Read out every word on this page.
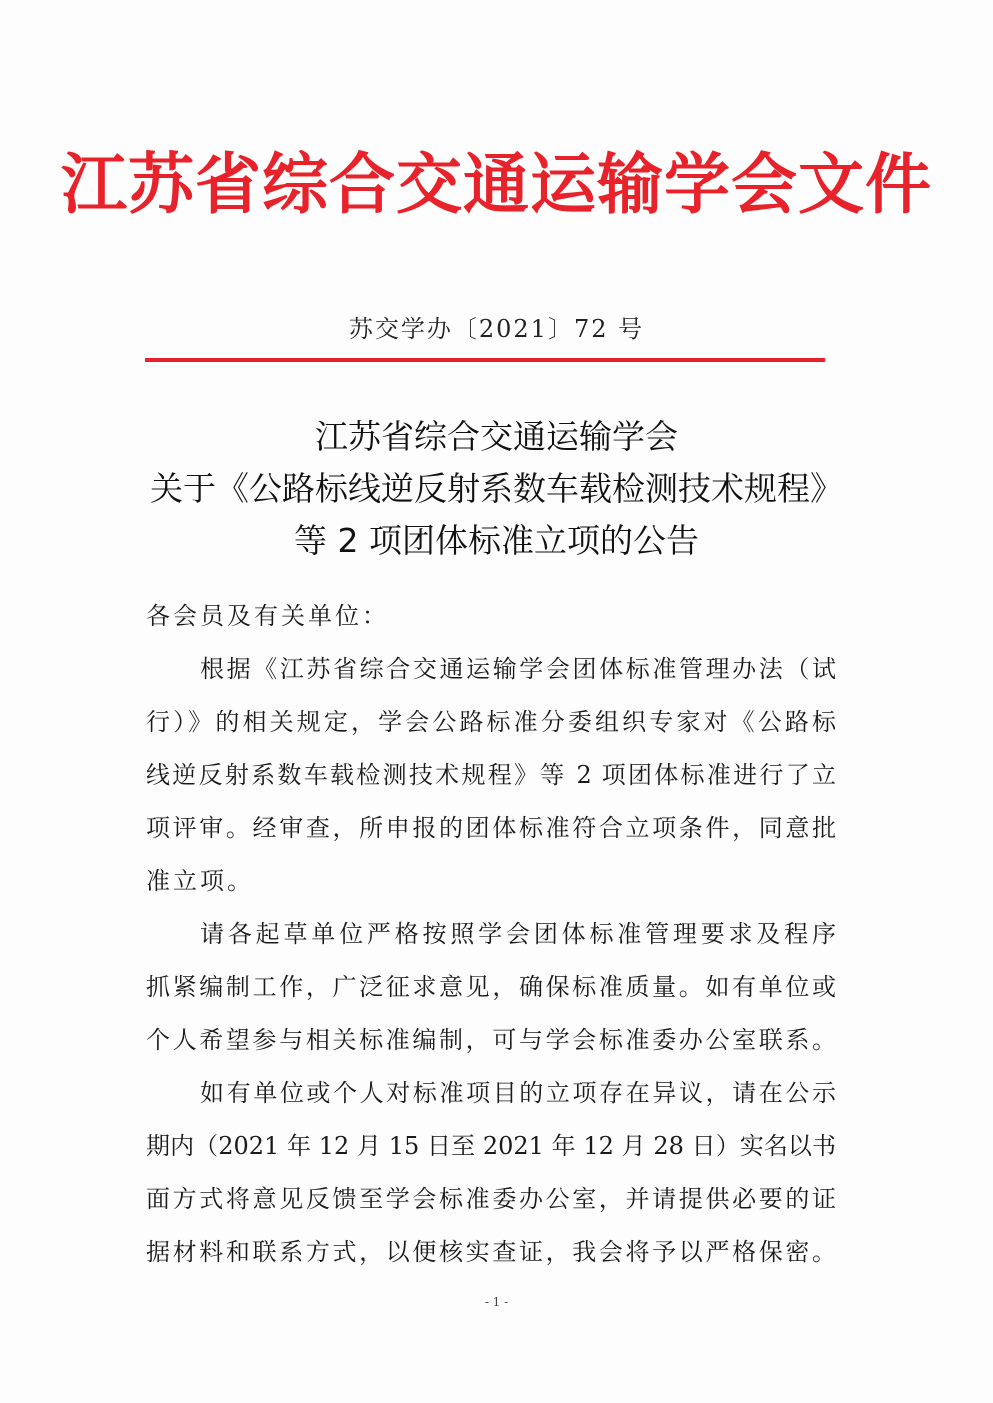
江苏省综合交通运输学会文件
苏交学办〔2021〕72 号
江苏省综合交通运输学会
关于《公路标线逆反射系数车载检测技术规程》
等 2 项团体标准立项的公告
各会员及有关单位：
根据《江苏省综合交通运输学会团体标准管理办法（试
行）》的相关规定，学会公路标准分委组织专家对《公路标
线逆反射系数车载检测技术规程》等 2 项团体标准进行了立
项评审。经审查，所申报的团体标准符合立项条件，同意批
准立项。
请各起草单位严格按照学会团体标准管理要求及程序
抓紧编制工作，广泛征求意见，确保标准质量。如有单位或
个人希望参与相关标准编制，可与学会标准委办公室联系。
如有单位或个人对标准项目的立项存在异议，请在公示
期内（2021 年 12 月 15 日至 2021 年 12 月 28 日）实名以书
面方式将意见反馈至学会标准委办公室，并请提供必要的证
据材料和联系方式，以便核实查证，我会将予以严格保密。
- 1 -
